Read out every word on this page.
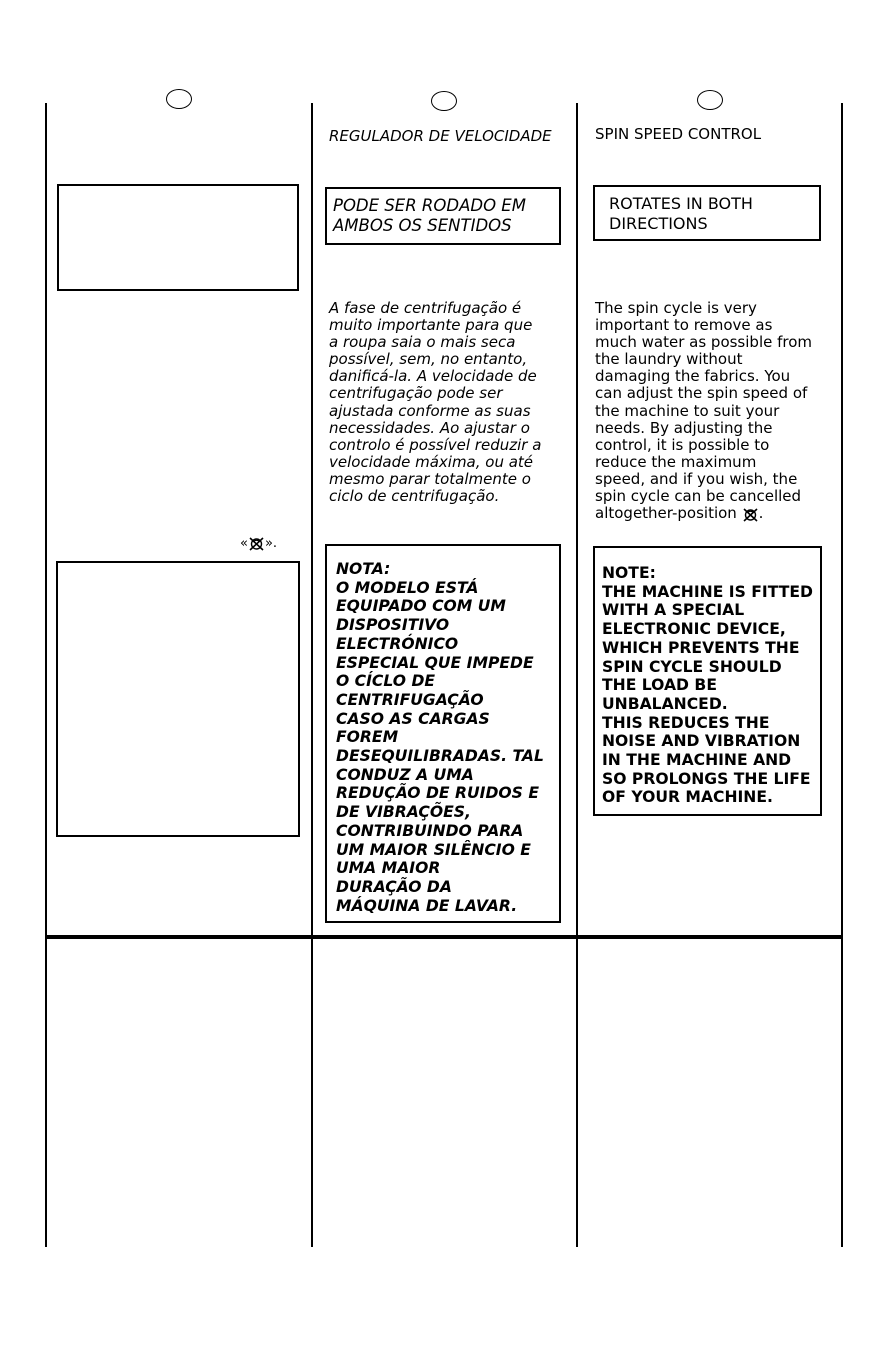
« ».
REGULADOR DE VELOCIDADE
PODE SER RODADO EM
AMBOS OS SENTIDOS
A fase de centrifugação é
muito importante para que
a roupa saia o mais seca
possível, sem, no entanto,
danificá-la. A velocidade de
centrifugação pode ser
ajustada conforme as suas
necessidades. Ao ajustar o
controlo é possível reduzir a
velocidade máxima, ou até
mesmo parar totalmente o
ciclo de centrifugação.
NOTA:
O MODELO ESTÁ
EQUIPADO COM UM
DISPOSITIVO
ELECTRÓNICO
ESPECIAL QUE IMPEDE
O CÍCLO DE
CENTRIFUGAÇÃO
CASO AS CARGAS
FOREM
DESEQUILIBRADAS. TAL
CONDUZ A UMA
REDUÇÃO DE RUIDOS E
DE VIBRAÇÕES,
CONTRIBUINDO PARA
UM MAIOR SILÊNCIO E
UMA MAIOR
DURAÇÃO DA
MÁQUINA DE LAVAR.
SPIN SPEED CONTROL
ROTATES IN BOTH
DIRECTIONS
The spin cycle is very
important to remove as
much water as possible from
the laundry without
damaging the fabrics. You
can adjust the spin speed of
the machine to suit your
needs. By adjusting the
control, it is possible to
reduce the maximum
speed, and if you wish, the
spin cycle can be cancelled
altogether-position .
NOTE:
THE MACHINE IS FITTED
WITH A SPECIAL
ELECTRONIC DEVICE,
WHICH PREVENTS THE
SPIN CYCLE SHOULD
THE LOAD BE
UNBALANCED.
THIS REDUCES THE
NOISE AND VIBRATION
IN THE MACHINE AND
SO PROLONGS THE LIFE
OF YOUR MACHINE.
